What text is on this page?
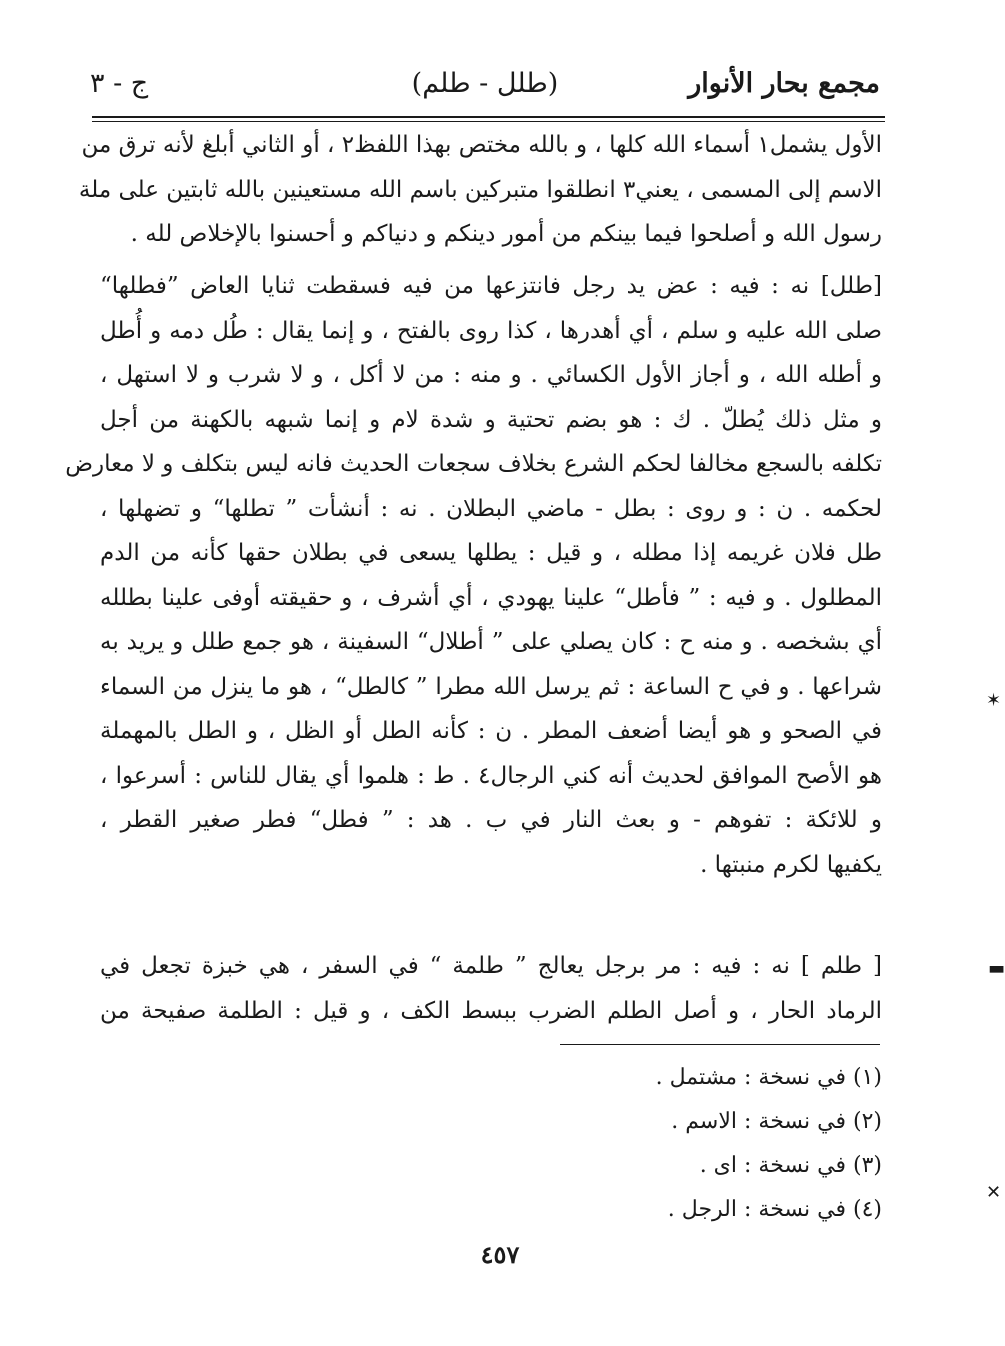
مجمع بحار الأنوار
(طلل - طلم)
ج - ٣
الأول يشمل١ أسماء الله كلها ، و بالله مختص بهذا اللفظ٢ ، أو الثاني أبلغ لأنه ترق من
الاسم إلى المسمى ، يعني٣ انطلقوا متبركين باسم الله مستعينين بالله ثابتين على ملة
رسول الله و أصلحوا فيما بينكم من أمور دينكم و دنياكم و أحسنوا بالإخلاص لله .
[طلل] نه : فيه : عض يد رجل فانتزعها من فيه فسقطت ثنايا العاض ”فطلها“
صلى الله عليه و سلم ، أي أهدرها ، كذا روى بالفتح ، و إنما يقال : طُل دمه و أُطل
و أطله الله ، و أجاز الأول الكسائي . و منه : من لا أكل ، و لا شرب و لا استهل ،
و مثل ذلك يُطلّ . ك : هو بضم تحتية و شدة لام و إنما شبهه بالكهنة من أجل
تكلفه بالسجع مخالفا لحكم الشرع بخلاف سجعات الحديث فانه ليس بتكلف و لا معارض
لحكمه . ن : و روى : بطل - ماضي البطلان . نه : أنشأت ” تطلها“ و تضهلها ،
طل فلان غريمه إذا مطله ، و قيل : يطلها يسعى في بطلان حقها كأنه من الدم
المطلول . و فيه : ” فأطل“ علينا يهودي ، أي أشرف ، و حقيقته أوفى علينا بطلله
أي بشخصه . و منه ح : كان يصلي على ” أطلال“ السفينة ، هو جمع طلل و يريد به
شراعها . و في ح الساعة : ثم يرسل الله مطرا ” كالطل“ ، هو ما ينزل من السماء
في الصحو و هو أيضا أضعف المطر . ن : كأنه الطل أو الظل ، و الطل بالمهملة
هو الأصح الموافق لحديث أنه كني الرجال٤ . ط : هلموا أي يقال للناس : أسرعوا ،
و للائكة : تفوهم - و بعث النار في ب . هد : ” فطل“ فطر صغير القطر ،
يكفيها لكرم منبتها .
[ طلم ] نه : فيه : مر برجل يعالج ” طلمة “ في السفر ، هي خبزة تجعل في
الرماد الحار ، و أصل الطلم الضرب ببسط الكف ، و قيل : الطلمة صفيحة من
(١) في نسخة : مشتمل .
(٢) في نسخة : الاسم .
(٣) في نسخة : اى .
(٤) في نسخة : الرجل .
٤٥٧
✶
▬
✕
